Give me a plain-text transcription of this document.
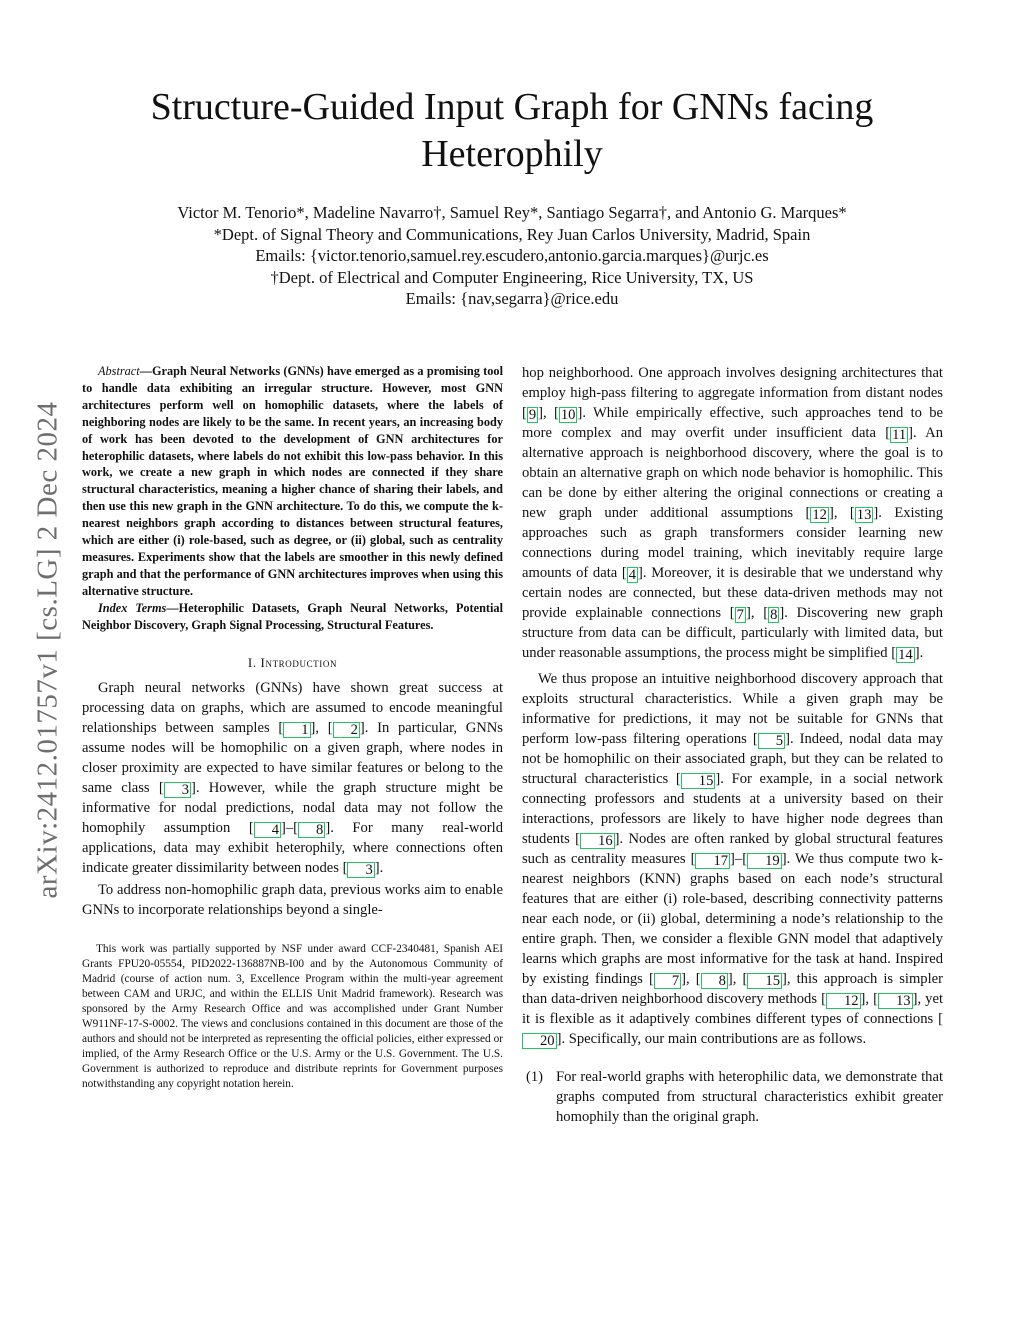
arXiv:2412.01757v1 [cs.LG] 2 Dec 2024
Structure-Guided Input Graph for GNNs facing
Heterophily
Victor M. Tenorio*, Madeline Navarro†, Samuel Rey*, Santiago Segarra†, and Antonio G. Marques*
*Dept. of Signal Theory and Communications, Rey Juan Carlos University, Madrid, Spain
Emails: {victor.tenorio,samuel.rey.escudero,antonio.garcia.marques}@urjc.es
†Dept. of Electrical and Computer Engineering, Rice University, TX, US
Emails: {nav,segarra}@rice.edu

Abstract—Graph Neural Networks (GNNs) have emerged as a promising tool to handle data exhibiting an irregular structure. However, most GNN architectures perform well on homophilic datasets, where the labels of neighboring nodes are likely to be the same. In recent years, an increasing body of work has been devoted to the development of GNN architectures for heterophilic datasets, where labels do not exhibit this low-pass behavior. In this work, we create a new graph in which nodes are connected if they share structural characteristics, meaning a higher chance of sharing their labels, and then use this new graph in the GNN architecture. To do this, we compute the k-nearest neighbors graph according to distances between structural features, which are either (i) role-based, such as degree, or (ii) global, such as centrality measures. Experiments show that the labels are smoother in this newly defined graph and that the performance of GNN architectures improves when using this alternative structure.

Index Terms—Heterophilic Datasets, Graph Neural Networks, Potential Neighbor Discovery, Graph Signal Processing, Structural Features.

I. Introduction

Graph neural networks (GNNs) have shown great success at processing data on graphs, which are assumed to encode meaningful relationships between samples [ 1 ], [ 2 ]. In particular, GNNs assume nodes will be homophilic on a given graph, where nodes in closer proximity are expected to have similar features or belong to the same class [ 3 ]. However, while the graph structure might be informative for nodal predictions, nodal data may not follow the homophily assumption [ 4 ]–[ 8 ]. For many real-world applications, data may exhibit heterophily, where connections often indicate greater dissimilarity between nodes [ 3 ].

To address non-homophilic graph data, previous works aim to enable GNNs to incorporate relationships beyond a single-

This work was partially supported by NSF under award CCF-2340481, Spanish AEI Grants FPU20-05554, PID2022-136887NB-I00 and by the Autonomous Community of Madrid (course of action num. 3, Excellence Program within the multi-year agreement between CAM and URJC, and within the ELLIS Unit Madrid framework). Research was sponsored by the Army Research Office and was accomplished under Grant Number W911NF-17-S-0002. The views and conclusions contained in this document are those of the authors and should not be interpreted as representing the official policies, either expressed or implied, of the Army Research Office or the U.S. Army or the U.S. Government. The U.S. Government is authorized to reproduce and distribute reprints for Government purposes notwithstanding any copyright notation herein.

hop neighborhood. One approach involves designing architectures that employ high-pass filtering to aggregate information from distant nodes [ 9 ], [ 10 ]. While empirically effective, such approaches tend to be more complex and may overfit under insufficient data [ 11 ]. An alternative approach is neighborhood discovery, where the goal is to obtain an alternative graph on which node behavior is homophilic. This can be done by either altering the original connections or creating a new graph under additional assumptions [ 12 ], [ 13 ]. Existing approaches such as graph transformers consider learning new connections during model training, which inevitably require large amounts of data [ 4 ]. Moreover, it is desirable that we understand why certain nodes are connected, but these data-driven methods may not provide explainable connections [ 7 ], [ 8 ]. Discovering new graph structure from data can be difficult, particularly with limited data, but under reasonable assumptions, the process might be simplified [ 14 ].

We thus propose an intuitive neighborhood discovery approach that exploits structural characteristics. While a given graph may be informative for predictions, it may not be suitable for GNNs that perform low-pass filtering operations [ 5 ]. Indeed, nodal data may not be homophilic on their associated graph, but they can be related to structural characteristics [ 15 ]. For example, in a social network connecting professors and students at a university based on their interactions, professors are likely to have higher node degrees than students [ 16 ]. Nodes are often ranked by global structural features such as centrality measures [ 17 ]–[ 19 ]. We thus compute two k-nearest neighbors (KNN) graphs based on each node’s structural features that are either (i) role-based, describing connectivity patterns near each node, or (ii) global, determining a node’s relationship to the entire graph. Then, we consider a flexible GNN model that adaptively learns which graphs are most informative for the task at hand. Inspired by existing findings [ 7 ], [ 8 ], [ 15 ], this approach is simpler than data-driven neighborhood discovery methods [ 12 ], [ 13 ], yet it is flexible as it adaptively combines different types of connections [20 ]. Specifically, our main contributions are as follows.

(1) For real-world graphs with heterophilic data, we demonstrate that graphs computed from structural characteristics exhibit greater homophily than the original graph.
